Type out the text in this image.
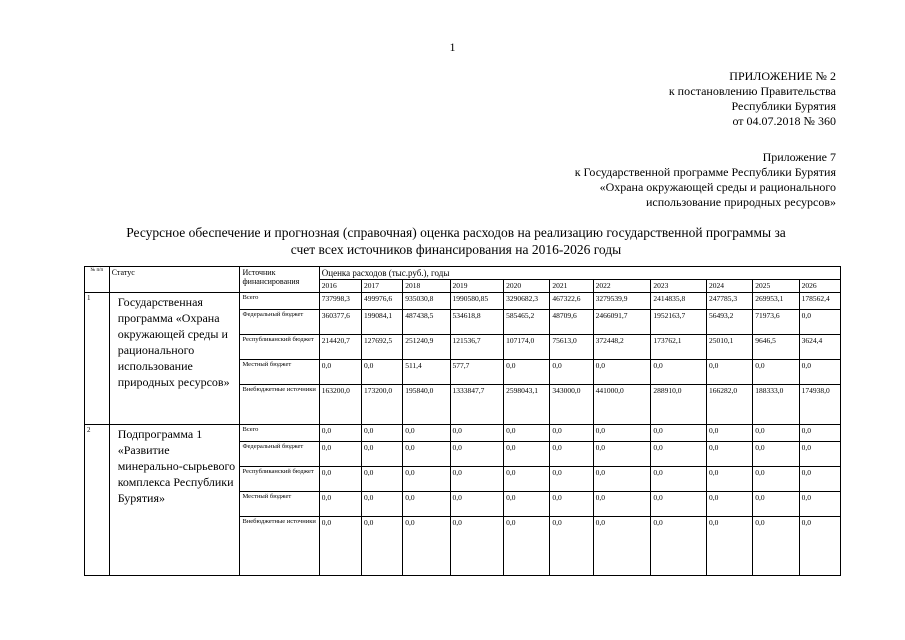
1
ПРИЛОЖЕНИЕ № 2
к постановлению Правительства
Республики Бурятия
от 04.07.2018 № 360
Приложение 7
к Государственной программе Республики Бурятия
«Охрана окружающей среды и рационального
использование природных ресурсов»
Ресурсное обеспечение и прогнозная (справочная) оценка расходов на реализацию государственной программы за
счет всех источников финансирования на 2016-2026 годы
№ п/п	Статус	Источник финансирования	Оценка расходов (тыс.руб.), годы										
			2016	2017	2018	2019	2020	2021	2022	2023	2024	2025	2026
1	Государственная программа «Охрана окружающей среды и рационального использование природных ресурсов»	Всего	737998,3	499976,6	935030,8	1990580,85	3290682,3	467322,6	3279539,9	2414835,8	247785,3	269953,1	178562,4
		Федеральный бюджет	360377,6	199084,1	487438,5	534618,8	585465,2	48709,6	2466091,7	1952163,7	56493,2	71973,6	0,0
		Республиканский бюджет	214420,7	127692,5	251240,9	121536,7	107174,0	75613,0	372448,2	173762,1	25010,1	9646,5	3624,4
		Местный бюджет	0,0	0,0	511,4	577,7	0,0	0,0	0,0	0,0	0,0	0,0	0,0
		Внебюджетные источники	163200,0	173200,0	195840,0	1333847,7	2598043,1	343000,0	441000,0	288910,0	166282,0	188333,0	174938,0
2	Подпрограмма 1 «Развитие минерально-сырьевого комплекса Республики Бурятия»	Всего	0,0	0,0	0,0	0,0	0,0	0,0	0,0	0,0	0,0	0,0	0,0
		Федеральный бюджет	0,0	0,0	0,0	0,0	0,0	0,0	0,0	0,0	0,0	0,0	0,0
		Республиканский бюджет	0,0	0,0	0,0	0,0	0,0	0,0	0,0	0,0	0,0	0,0	0,0
		Местный бюджет	0,0	0,0	0,0	0,0	0,0	0,0	0,0	0,0	0,0	0,0	0,0
		Внебюджетные источники	0,0	0,0	0,0	0,0	0,0	0,0	0,0	0,0	0,0	0,0	0,0
